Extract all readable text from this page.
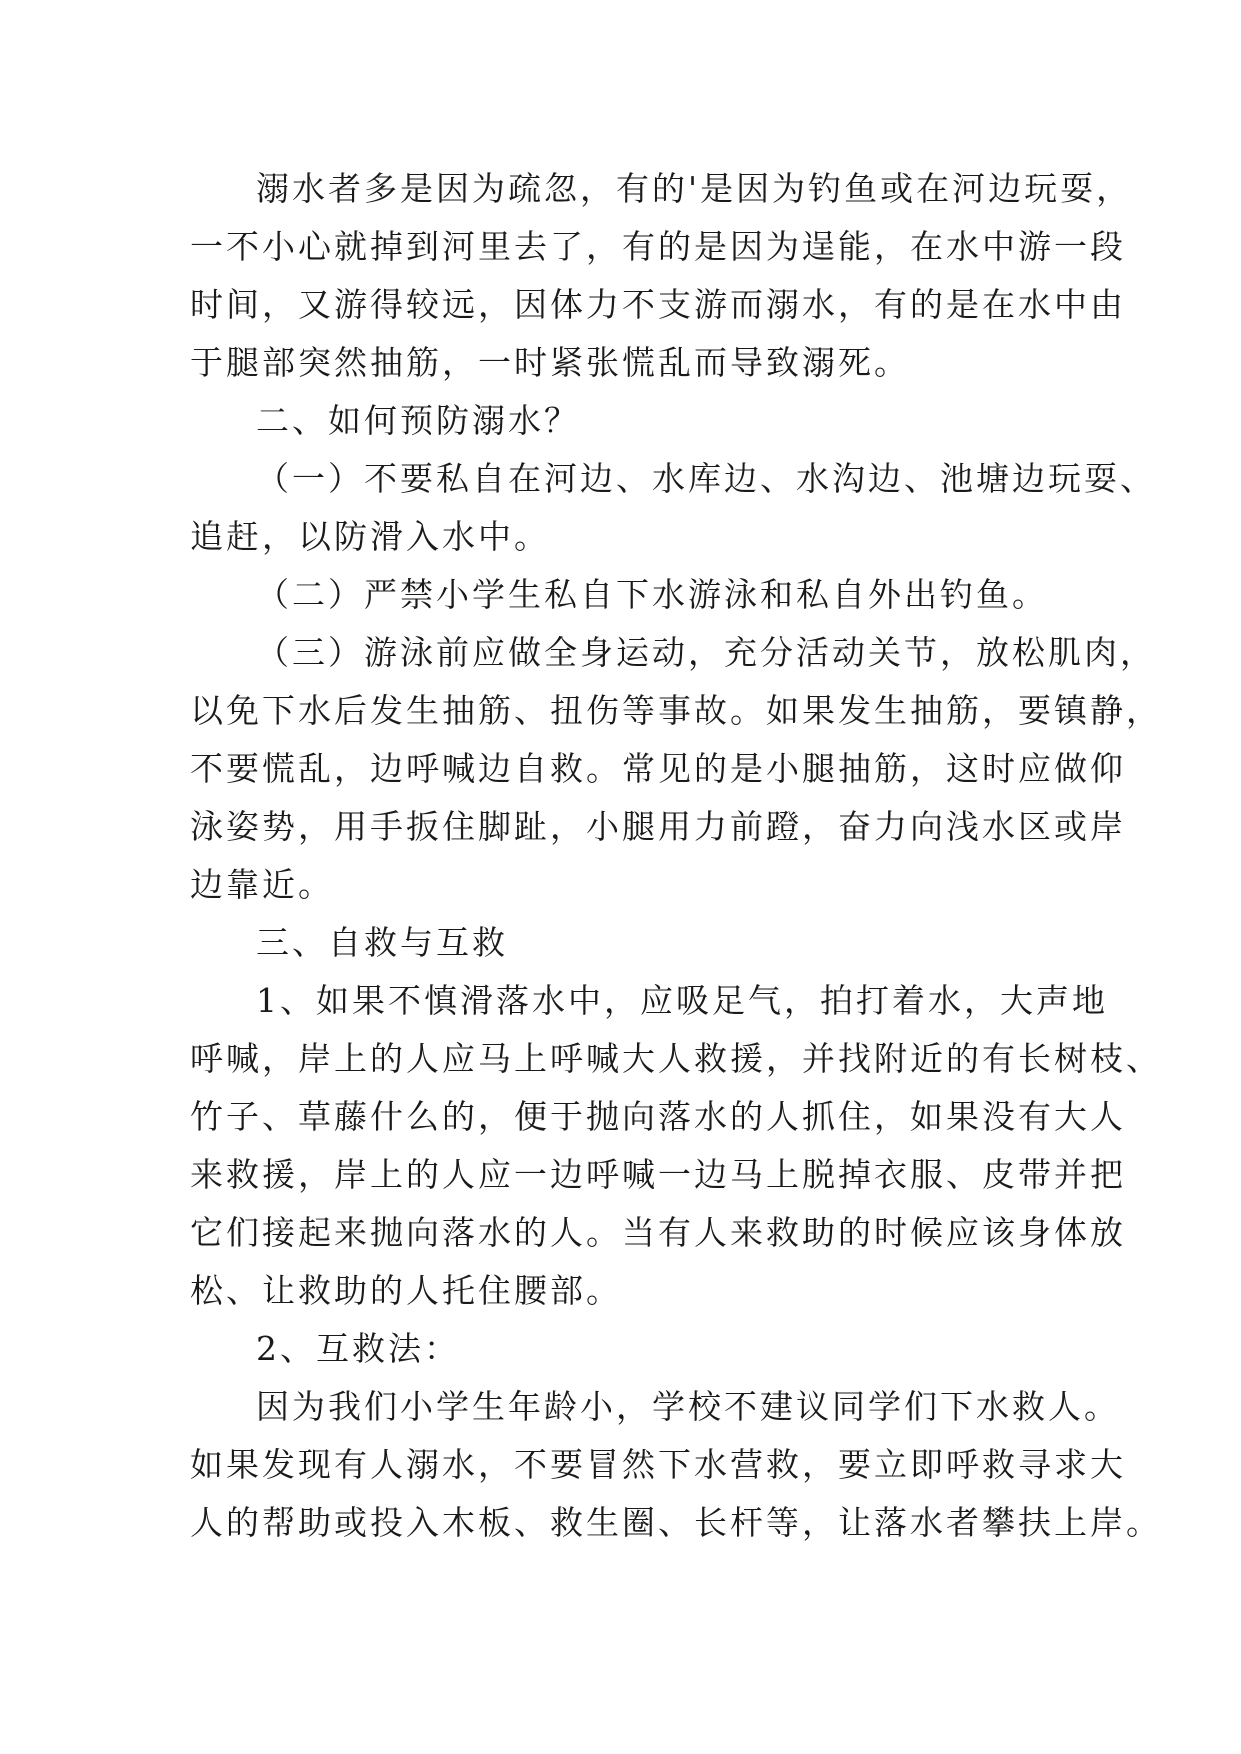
溺水者多是因为疏忽，有的'是因为钓鱼或在河边玩耍，
一不小心就掉到河里去了，有的是因为逞能，在水中游一段
时间，又游得较远，因体力不支游而溺水，有的是在水中由
于腿部突然抽筋，一时紧张慌乱而导致溺死。
二、如何预防溺水？
（一）不要私自在河边、水库边、水沟边、池塘边玩耍、
追赶，以防滑入水中。
（二）严禁小学生私自下水游泳和私自外出钓鱼。
（三）游泳前应做全身运动，充分活动关节，放松肌肉，
以免下水后发生抽筋、扭伤等事故。如果发生抽筋，要镇静，
不要慌乱，边呼喊边自救。常见的是小腿抽筋，这时应做仰
泳姿势，用手扳住脚趾，小腿用力前蹬，奋力向浅水区或岸
边靠近。
三、自救与互救
1、如果不慎滑落水中，应吸足气，拍打着水，大声地
呼喊，岸上的人应马上呼喊大人救援，并找附近的有长树枝、
竹子、草藤什么的，便于抛向落水的人抓住，如果没有大人
来救援，岸上的人应一边呼喊一边马上脱掉衣服、皮带并把
它们接起来抛向落水的人。当有人来救助的时候应该身体放
松、让救助的人托住腰部。
2、互救法：
因为我们小学生年龄小，学校不建议同学们下水救人。
如果发现有人溺水，不要冒然下水营救，要立即呼救寻求大
人的帮助或投入木板、救生圈、长杆等，让落水者攀扶上岸。
